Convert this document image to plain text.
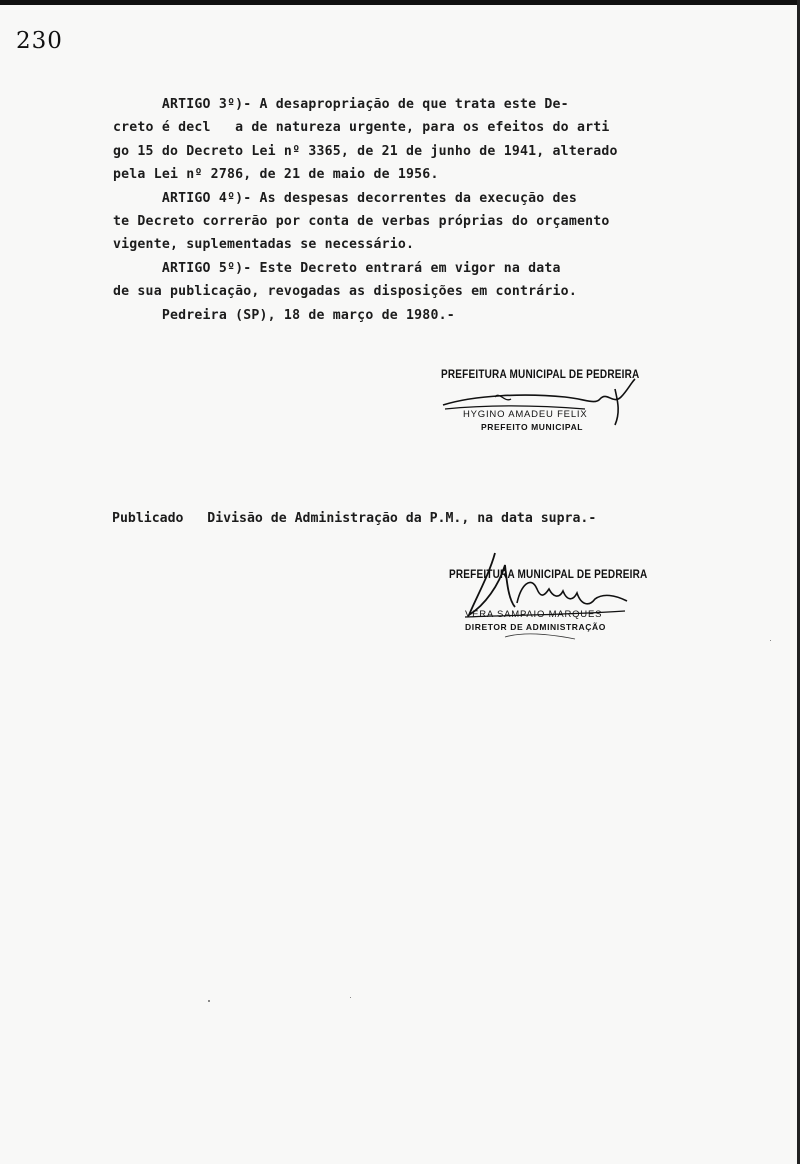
230
ARTIGO 3º)- A desapropriação de que trata este De-
creto é decl   a de natureza urgente, para os efeitos do arti
go 15 do Decreto Lei nº 3365, de 21 de junho de 1941, alterado
pela Lei nº 2786, de 21 de maio de 1956.
ARTIGO 4º)- As despesas decorrentes da execução des
te Decreto correrão por conta de verbas próprias do orçamento
vigente, suplementadas se necessário.
ARTIGO 5º)- Este Decreto entrará em vigor na data
de sua publicação, revogadas as disposições em contrário.
Pedreira (SP), 18 de março de 1980.-
PREFEITURA MUNICIPAL DE PEDREIRA
HYGINO AMADEU FELIX
PREFEITO MUNICIPAL
Publicado   Divisão de Administração da P.M., na data supra.-
PREFEITURA MUNICIPAL DE PEDREIRA
VERA SAMPAIO MARQUES
DIRETOR DE ADMINISTRAÇÃO
